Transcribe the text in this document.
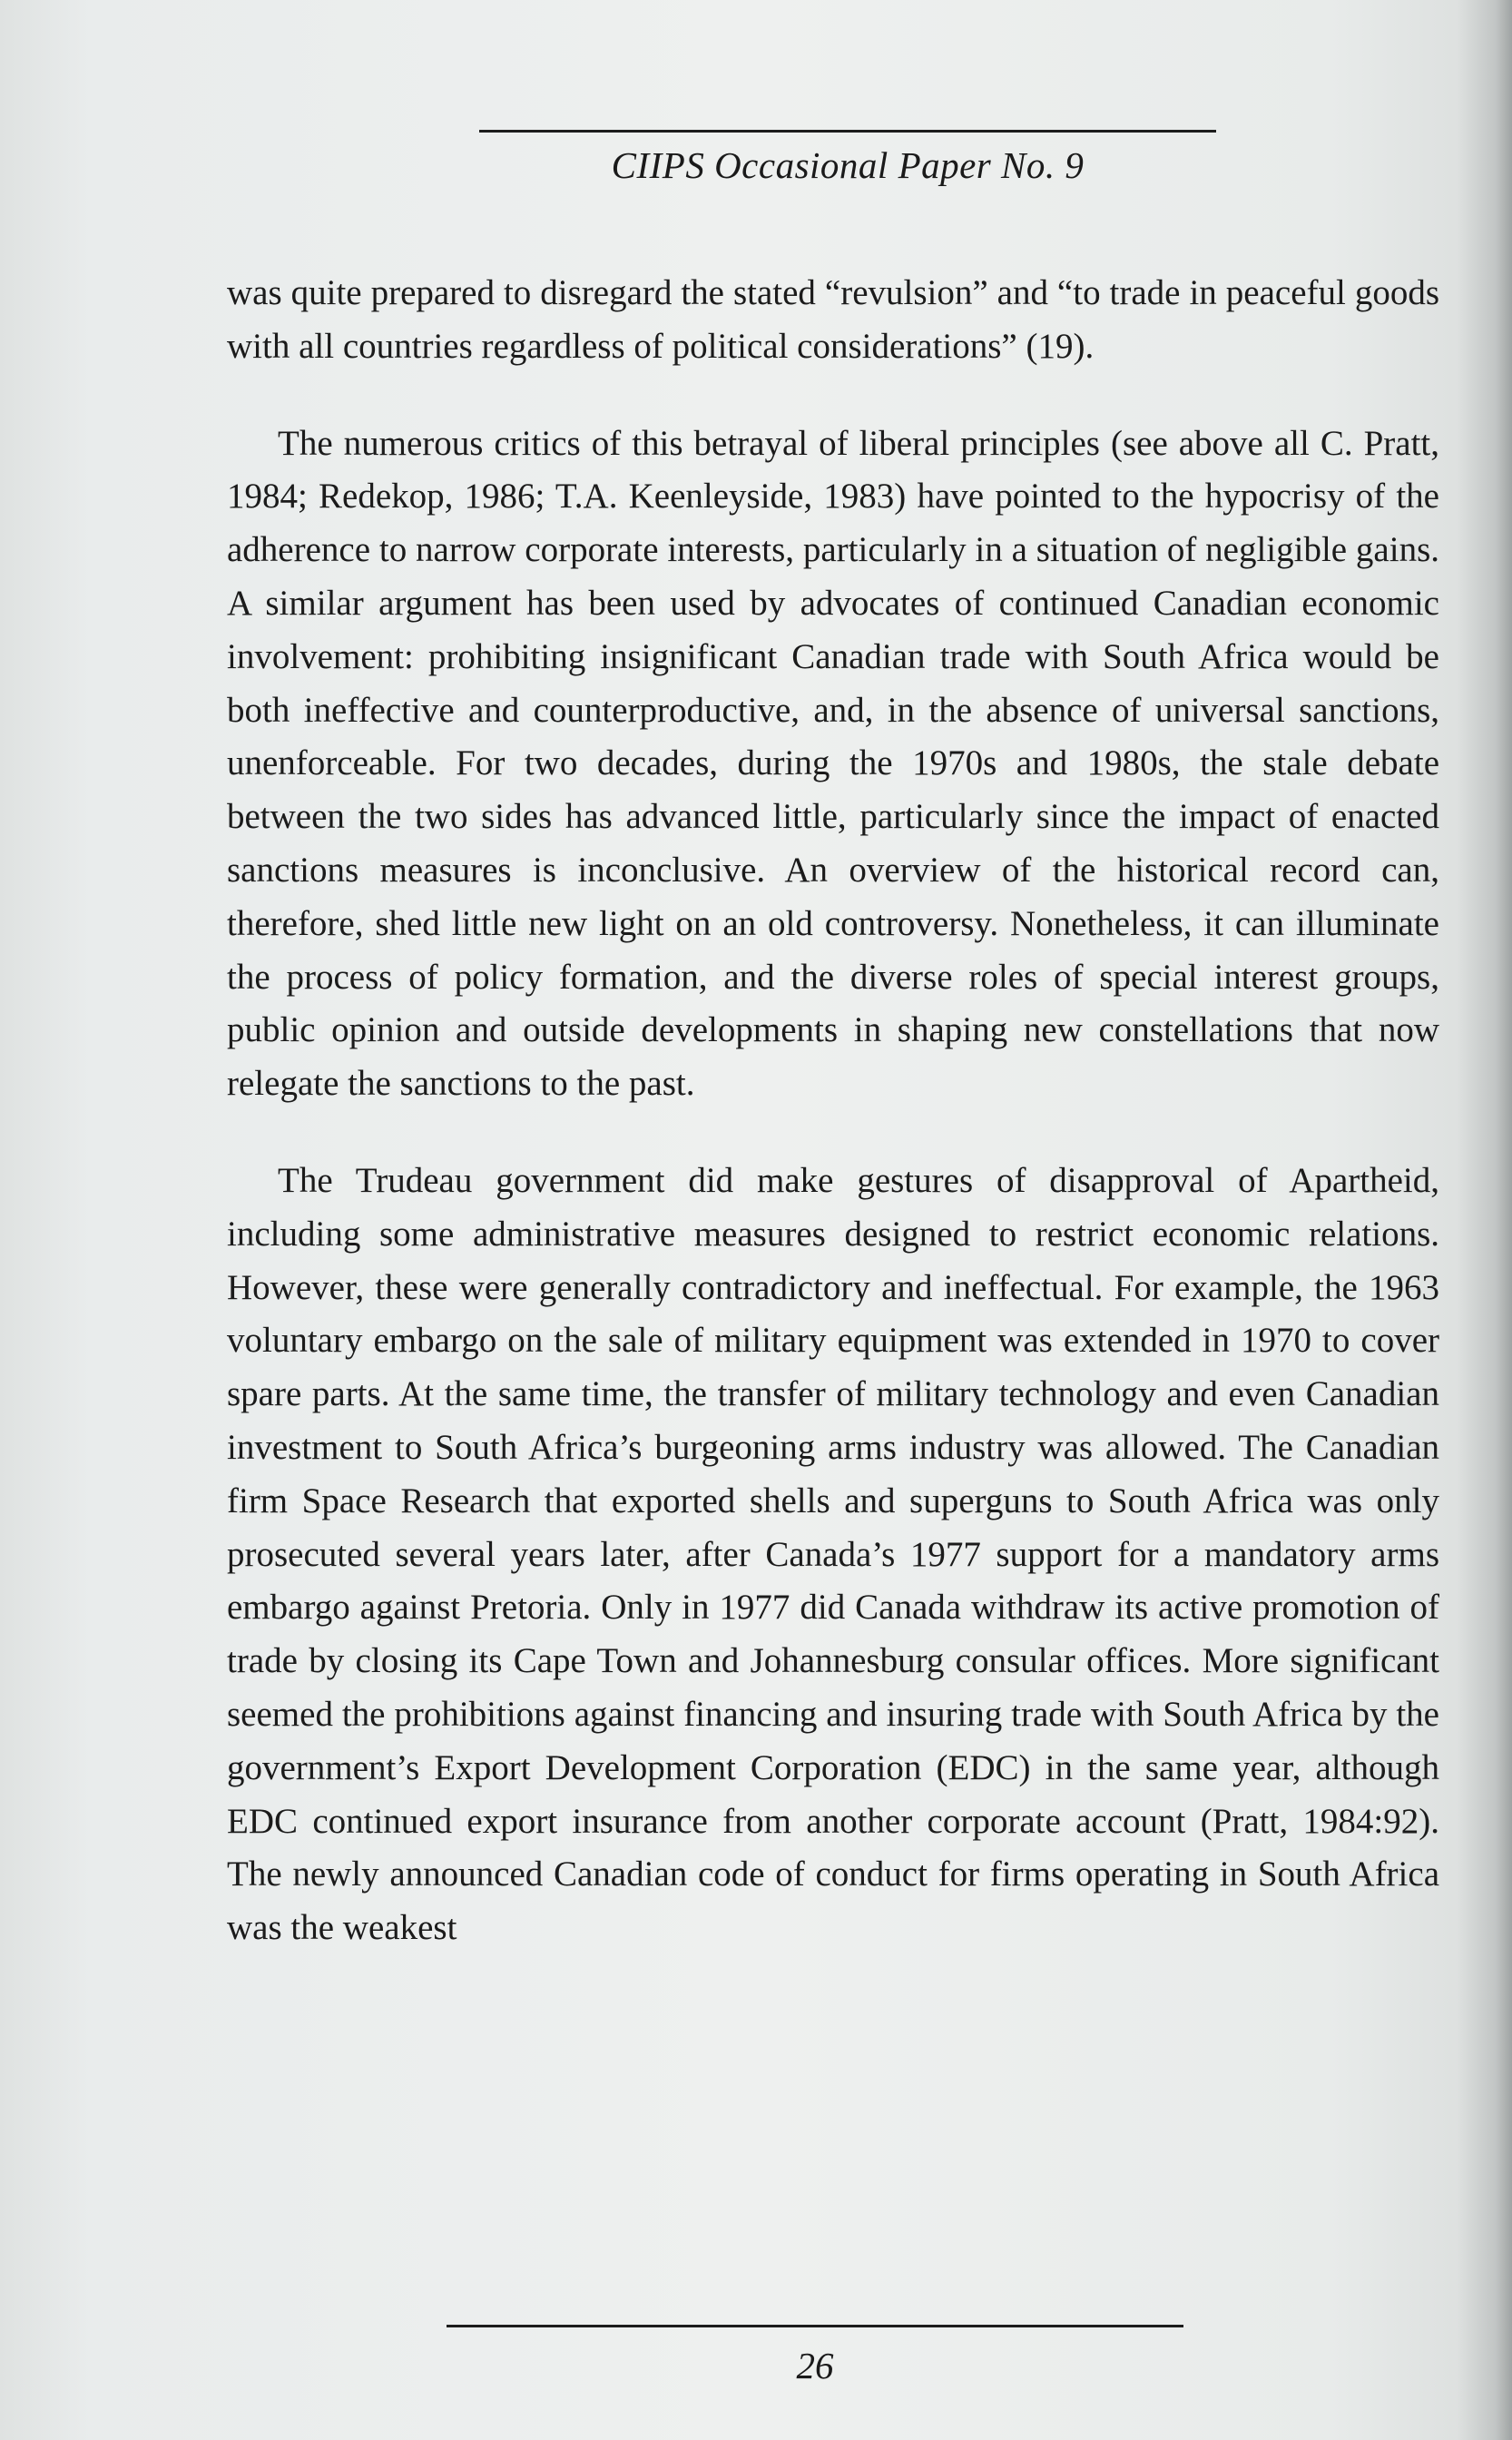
CIIPS Occasional Paper No. 9

was quite prepared to disregard the stated “revulsion” and “to trade in peaceful goods with all countries regardless of political considerations” (19).

The numerous critics of this betrayal of liberal principles (see above all C. Pratt, 1984; Redekop, 1986; T.A. Keenleyside, 1983) have pointed to the hypocrisy of the adherence to narrow corporate interests, particularly in a situation of negligible gains. A similar argument has been used by advocates of continued Canadian economic involvement: prohibiting insignificant Canadian trade with South Africa would be both ineffective and counterproductive, and, in the absence of universal sanctions, unenforceable. For two decades, during the 1970s and 1980s, the stale debate between the two sides has advanced little, particularly since the impact of enacted sanctions measures is inconclusive. An overview of the historical record can, therefore, shed little new light on an old controversy. Nonetheless, it can illuminate the process of policy formation, and the diverse roles of special interest groups, public opinion and outside developments in shaping new constellations that now relegate the sanctions to the past.

The Trudeau government did make gestures of disapproval of Apartheid, including some administrative measures designed to restrict economic relations. However, these were generally contradictory and ineffectual. For example, the 1963 voluntary embargo on the sale of military equipment was extended in 1970 to cover spare parts. At the same time, the transfer of military technology and even Canadian investment to South Africa’s burgeoning arms industry was allowed. The Canadian firm Space Research that exported shells and superguns to South Africa was only prosecuted several years later, after Canada’s 1977 support for a mandatory arms embargo against Pretoria. Only in 1977 did Canada withdraw its active promotion of trade by closing its Cape Town and Johannesburg consular offices. More significant seemed the prohibitions against financing and insuring trade with South Africa by the government’s Export Development Corporation (EDC) in the same year, although EDC continued export insurance from another corporate account (Pratt, 1984:92). The newly announced Canadian code of conduct for firms operating in South Africa was the weakest

26
